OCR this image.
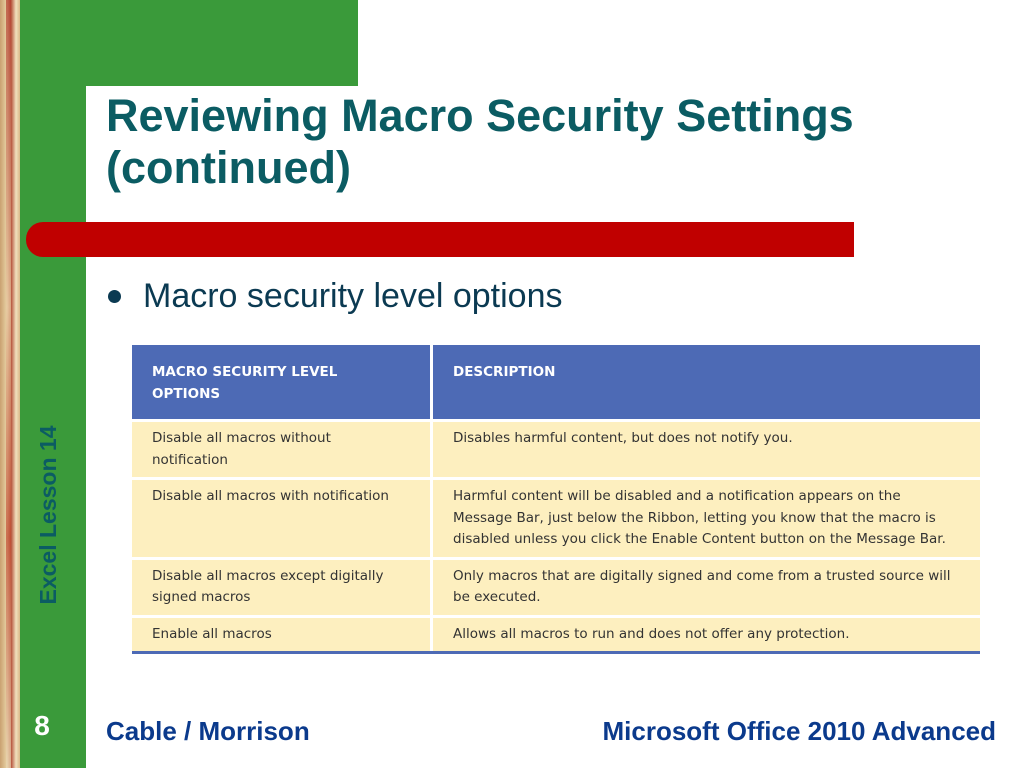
Excel Lesson 14
Reviewing Macro Security Settings
(continued)
Macro security level options
MACRO SECURITY LEVEL OPTIONS	DESCRIPTION
Disable all macros without notification	Disables harmful content, but does not notify you.
Disable all macros with notification	Harmful content will be disabled and a notification appears on the Message Bar, just below the Ribbon, letting you know that the macro is disabled unless you click the Enable Content button on the Message Bar.
Disable all macros except digitally signed macros	Only macros that are digitally signed and come from a trusted source will be executed.
Enable all macros	Allows all macros to run and does not offer any protection.
8 Cable / Morrison	Microsoft Office 2010 Advanced
